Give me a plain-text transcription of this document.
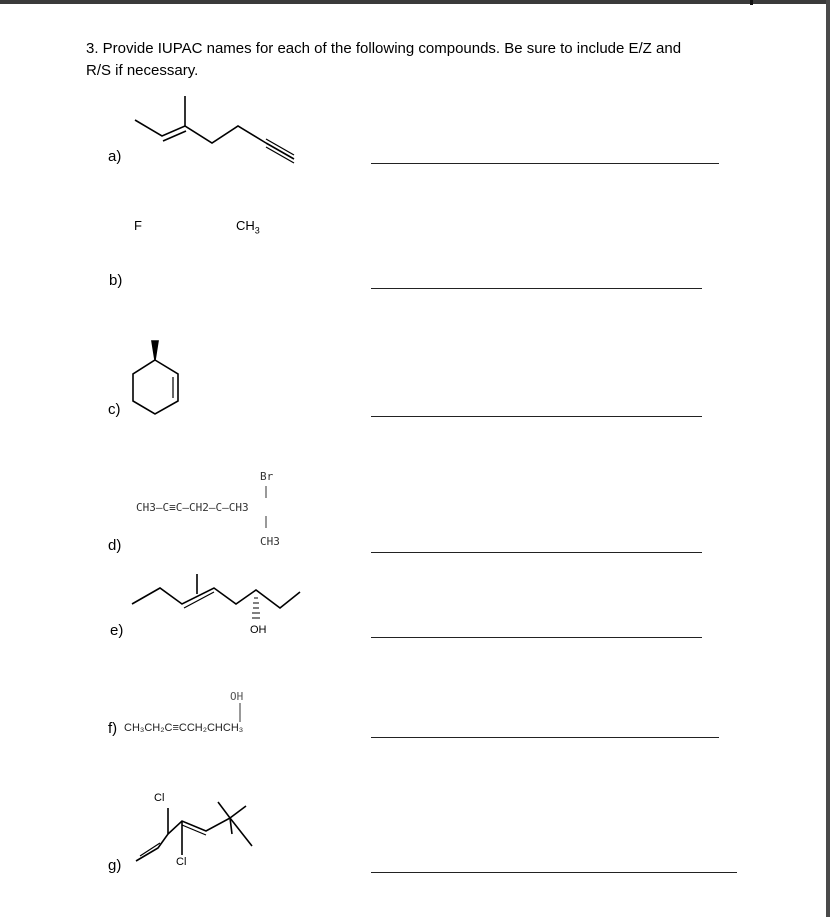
3. Provide IUPAC names for each of the following compounds. Be sure to include E/Z and
R/S if necessary.
a)
b)
c)
d)
e)
f)
g)
F	$CH_3$
Br
CH3—C≡C—CH2—C—CH3
CH3
OH
OH
CH₃CH₂C≡CCH₂CHCH₃
Cl
Cl
